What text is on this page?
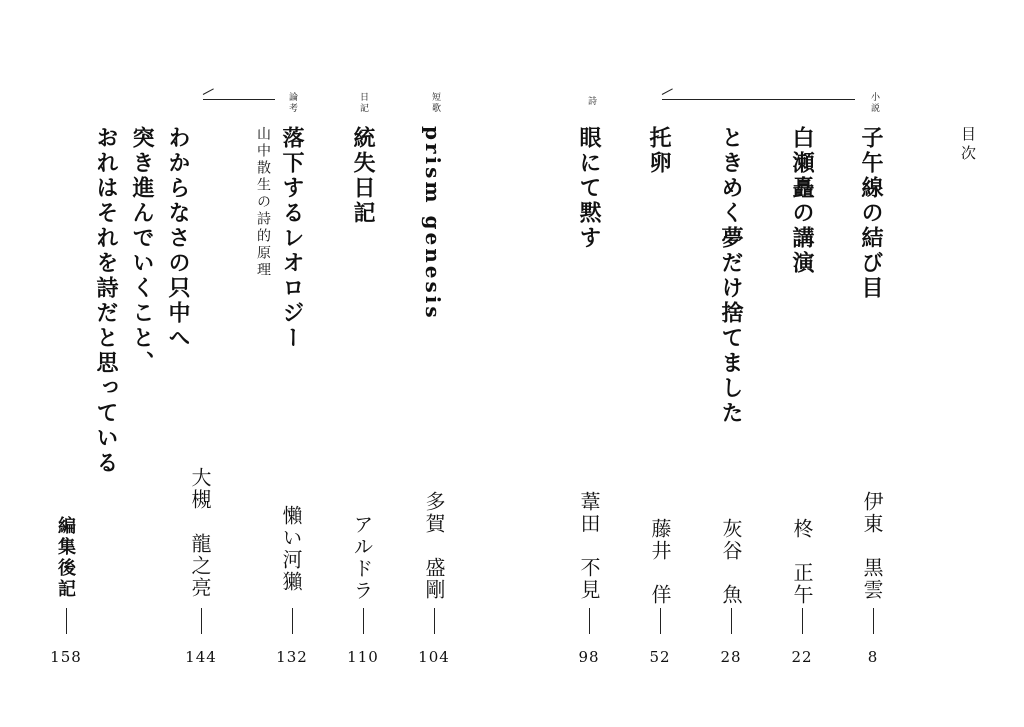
目次
小説
詩
短歌
日記
論考
子午線の結び目
白瀬矗の講演
ときめく夢だけ捨てました
托卵
眼にて黙す
prism genesis
統失日記
落下するレオロジー
山中散生の詩的原理

わからなさの只中へ
突き進んでいくこと、
おれはそれを詩だと思っている

編集後記	伊東　黒雲
柊　正午
灰谷　魚
藤井　佯
葦田　不見
多賀　盛剛
アルドラ
懶い河獺
大槻　龍之亮
8
22
28
52
98
104
110
132
144
158
